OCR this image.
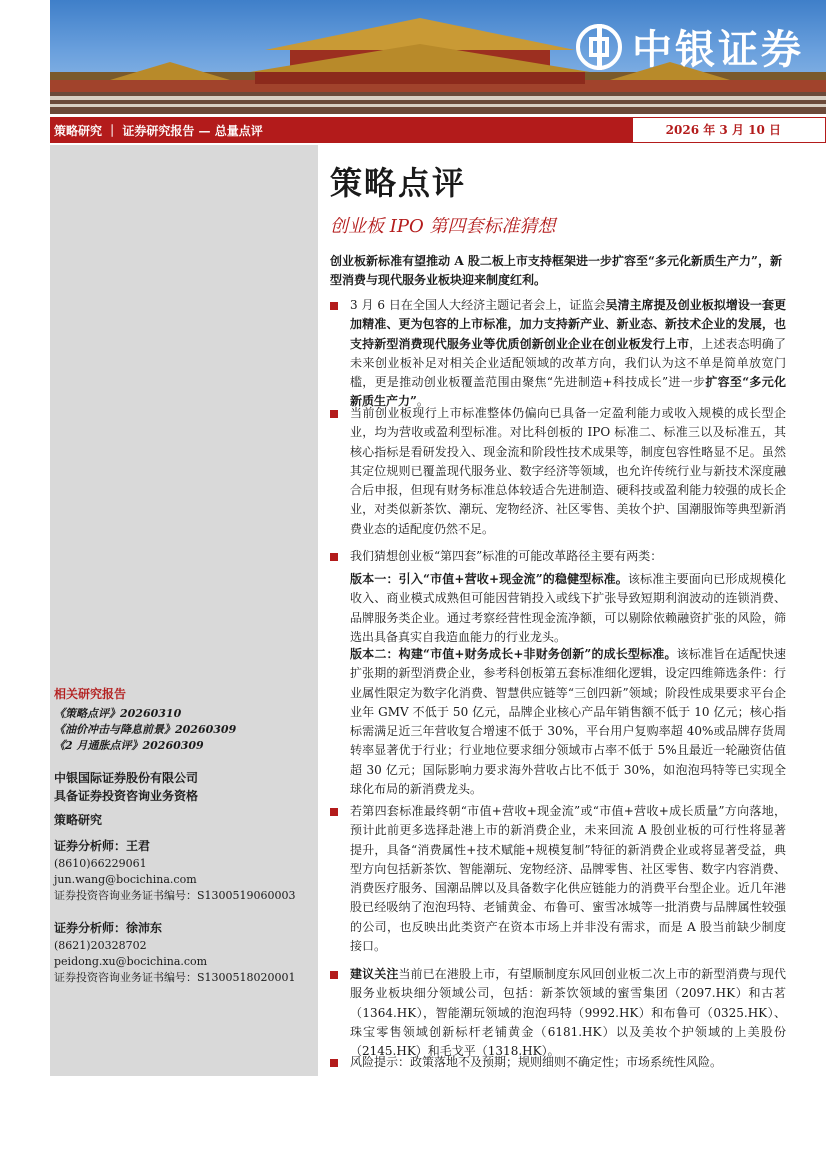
中银证券
策略研究 ｜ 证券研究报告 — 总量点评	2026 年 3 月 10 日
相关研究报告
《策略点评》20260310
《油价冲击与降息前景》20260309
《2 月通胀点评》20260309
中银国际证券股份有限公司
具备证券投资咨询业务资格
策略研究
证券分析师：王君
(8610)66229061
jun.wang@bocichina.com
证券投资咨询业务证书编号：S1300519060003
证券分析师：徐沛东
(8621)20328702
peidong.xu@bocichina.com
证券投资咨询业务证书编号：S1300518020001
策略点评
创业板 IPO 第四套标准猜想
创业板新标准有望推动 A 股二板上市支持框架进一步扩容至“多元化新质生产力”，新型消费与现代服务业板块迎来制度红利。
3 月 6 日在全国人大经济主题记者会上，证监会吴清主席提及创业板拟增设一套更加精准、更为包容的上市标准，加力支持新产业、新业态、新技术企业的发展，也支持新型消费现代服务业等优质创新创业企业在创业板发行上市，上述表态明确了未来创业板补足对相关企业适配领域的改革方向，我们认为这不单是简单放宽门槛，更是推动创业板覆盖范围由聚焦“先进制造+科技成长”进一步扩容至“多元化新质生产力”。
当前创业板现行上市标准整体仍偏向已具备一定盈利能力或收入规模的成长型企业，均为营收或盈利型标准。对比科创板的 IPO 标准二、标准三以及标准五，其核心指标是看研发投入、现金流和阶段性技术成果等，制度包容性略显不足。虽然其定位规则已覆盖现代服务业、数字经济等领域，也允许传统行业与新技术深度融合后申报，但现有财务标准总体较适合先进制造、硬科技或盈利能力较强的成长企业，对类似新茶饮、潮玩、宠物经济、社区零售、美妆个护、国潮服饰等典型新消费业态的适配度仍然不足。
我们猜想创业板“第四套”标准的可能改革路径主要有两类：
版本一：引入“市值+营收+现金流”的稳健型标准。该标准主要面向已形成规模化收入、商业模式成熟但可能因营销投入或线下扩张导致短期利润波动的连锁消费、品牌服务类企业。通过考察经营性现金流净额，可以剔除依赖融资扩张的风险，筛选出具备真实自我造血能力的行业龙头。
版本二：构建“市值+财务成长+非财务创新”的成长型标准。该标准旨在适配快速扩张期的新型消费企业，参考科创板第五套标准细化逻辑，设定四维筛选条件：行业属性限定为数字化消费、智慧供应链等“三创四新”领域；阶段性成果要求平台企业年 GMV 不低于 50 亿元，品牌企业核心产品年销售额不低于 10 亿元；核心指标需满足近三年营收复合增速不低于 30%，平台用户复购率超 40%或品牌存货周转率显著优于行业；行业地位要求细分领域市占率不低于 5%且最近一轮融资估值超 30 亿元；国际影响力要求海外营收占比不低于 30%，如泡泡玛特等已实现全球化布局的新消费龙头。
若第四套标准最终朝“市值+营收+现金流”或“市值+营收+成长质量”方向落地，预计此前更多选择赴港上市的新消费企业，未来回流 A 股创业板的可行性将显著提升，具备“消费属性+技术赋能+规模复制”特征的新消费企业或将显著受益，典型方向包括新茶饮、智能潮玩、宠物经济、品牌零售、社区零售、数字内容消费、消费医疗服务、国潮品牌以及具备数字化供应链能力的消费平台型企业。近几年港股已经吸纳了泡泡玛特、老铺黄金、布鲁可、蜜雪冰城等一批消费与品牌属性较强的公司，也反映出此类资产在资本市场上并非没有需求，而是 A 股当前缺少制度接口。
建议关注当前已在港股上市，有望顺制度东风回创业板二次上市的新型消费与现代服务业板块细分领域公司，包括：新茶饮领域的蜜雪集团（2097.HK）和古茗（1364.HK），智能潮玩领域的泡泡玛特（9992.HK）和布鲁可（0325.HK）、珠宝零售领域创新标杆老铺黄金（6181.HK）以及美妆个护领域的上美股份（2145.HK）和毛戈平（1318.HK）。
风险提示：政策落地不及预期；规则细则不确定性；市场系统性风险。
